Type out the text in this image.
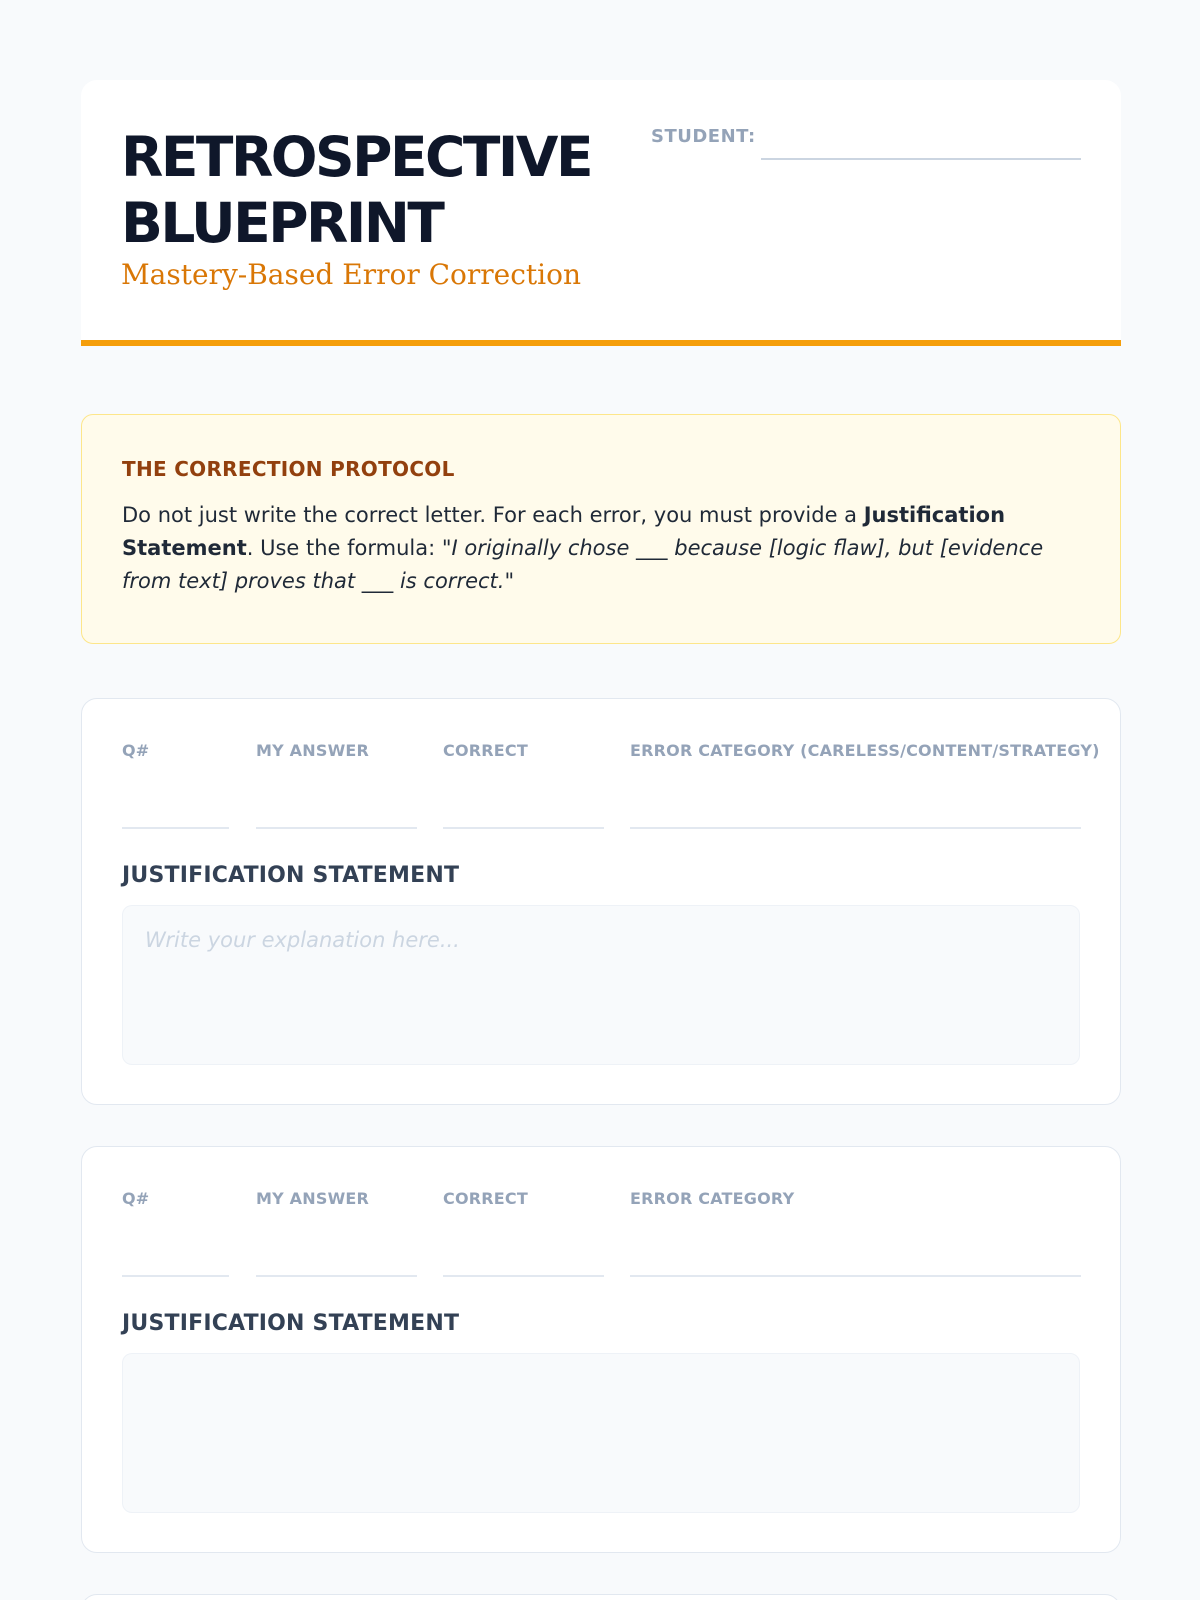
RETROSPECTIVE
BLUEPRINT
Mastery-Based Error Correction
STUDENT:
THE CORRECTION PROTOCOL
Do not just write the correct letter. For each error, you must provide a Justification Statement. Use the formula: "I originally chose ___ because [logic flaw], but [evidence from text] proves that ___ is correct."
Q#	MY ANSWER	CORRECT	ERROR CATEGORY (CARELESS/CONTENT/STRATEGY)
JUSTIFICATION STATEMENT
Write your explanation here...
Q#	MY ANSWER	CORRECT	ERROR CATEGORY
JUSTIFICATION STATEMENT
